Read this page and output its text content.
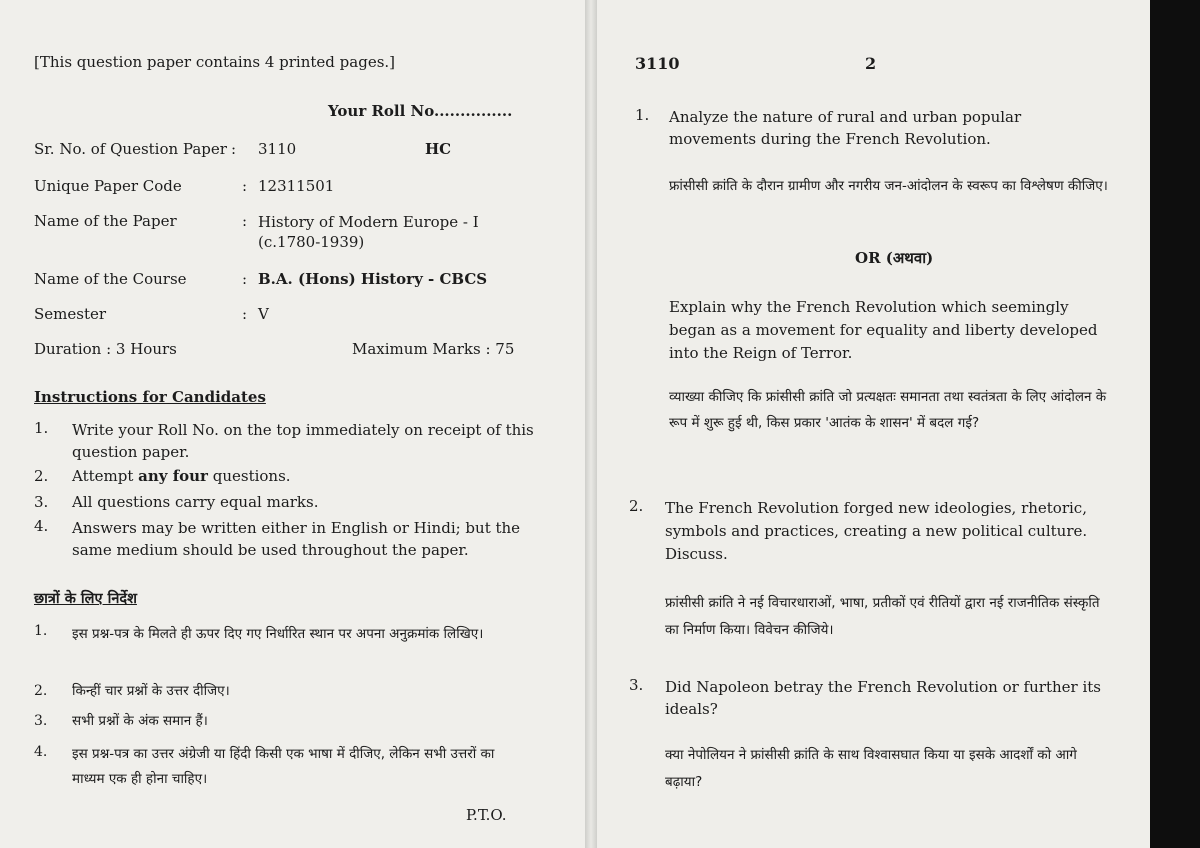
[This question paper contains 4 printed pages.]
Your Roll No...............
Sr. No. of Question Paper : 3110	HC
Unique Paper Code	: 12311501
Name of the Paper	: History of Modern Europe - I (c.1780-1939)
Name of the Course	: B.A. (Hons) History - CBCS
Semester	: V
Duration : 3 Hours	Maximum Marks : 75
Instructions for Candidates
1. Write your Roll No. on the top immediately on receipt of this question paper.
2. Attempt any four questions.
3. All questions carry equal marks.
4. Answers may be written either in English or Hindi; but the same medium should be used throughout the paper.
छात्रों के लिए निर्देश
1. इस प्रश्न-पत्र के मिलते ही ऊपर दिए गए निर्धारित स्थान पर अपना अनुक्रमांक लिखिए।
2. किन्हीं चार प्रश्नों के उत्तर दीजिए।
3. सभी प्रश्नों के अंक समान हैं।
4. इस प्रश्न-पत्र का उत्तर अंग्रेजी या हिंदी किसी एक भाषा में दीजिए, लेकिन सभी उत्तरों का माध्यम एक ही होना चाहिए।
P.T.O.
3110	2
1. Analyze the nature of rural and urban popular movements during the French Revolution.
फ्रांसीसी क्रांति के दौरान ग्रामीण और नगरीय जन-आंदोलन के स्वरूप का विश्लेषण कीजिए।
OR (अथवा)
Explain why the French Revolution which seemingly began as a movement for equality and liberty developed into the Reign of Terror.
व्याख्या कीजिए कि फ्रांसीसी क्रांति जो प्रत्यक्षतः समानता तथा स्वतंत्रता के लिए आंदोलन के रूप में शुरू हुई थी, किस प्रकार 'आतंक के शासन' में बदल गई?
2. The French Revolution forged new ideologies, rhetoric, symbols and practices, creating a new political culture. Discuss.
फ्रांसीसी क्रांति ने नई विचारधाराओं, भाषा, प्रतीकों एवं रीतियों द्वारा नई राजनीतिक संस्कृति का निर्माण किया। विवेचन कीजिये।
3. Did Napoleon betray the French Revolution or further its ideals?
क्या नेपोलियन ने फ्रांसीसी क्रांति के साथ विश्वासघात किया या इसके आदर्शों को आगे बढ़ाया?
